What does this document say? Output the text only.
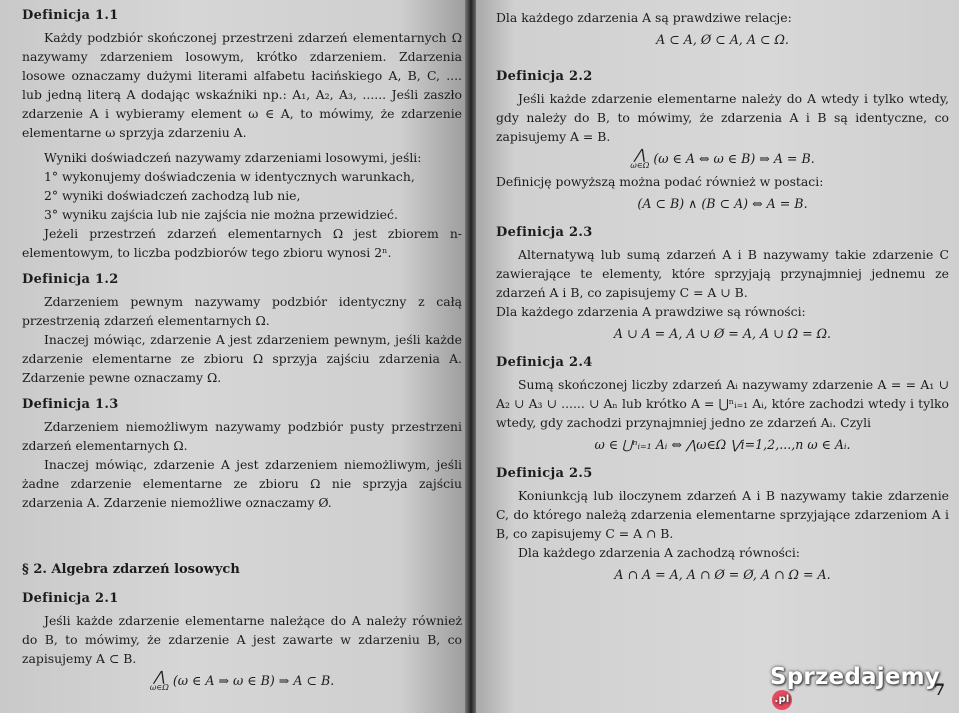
Definicja 1.1

Każdy podzbiór skończonej przestrzeni zdarzeń elementarnych Ω nazywamy zdarzeniem losowym, krótko zdarzeniem. Zdarzenia losowe oznaczamy dużymi literami alfabetu łacińskiego A, B, C, .... lub jedną literą A dodając wskaźniki np.: A₁, A₂, A₃, ...... Jeśli zaszło zdarzenie A i wybieramy element ω ∈ A, to mówimy, że zdarzenie elementarne ω sprzyja zdarzeniu A.

Wyniki doświadczeń nazywamy zdarzeniami losowymi, jeśli:

1° wykonujemy doświadczenia w identycznych warunkach,

2° wyniki doświadczeń zachodzą lub nie,

3° wyniku zajścia lub nie zajścia nie można przewidzieć.

Jeżeli przestrzeń zdarzeń elementarnych Ω jest zbiorem n-elementowym, to liczba podzbiorów tego zbioru wynosi 2ⁿ.

Definicja 1.2

Zdarzeniem pewnym nazywamy podzbiór identyczny z całą przestrzenią zdarzeń elementarnych Ω.

Inaczej mówiąc, zdarzenie A jest zdarzeniem pewnym, jeśli każde zdarzenie elementarne ze zbioru Ω sprzyja zajściu zdarzenia A. Zdarzenie pewne oznaczamy Ω.

Definicja 1.3

Zdarzeniem niemożliwym nazywamy podzbiór pusty przestrzeni zdarzeń elementarnych Ω.

Inaczej mówiąc, zdarzenie A jest zdarzeniem niemożliwym, jeśli żadne zdarzenie elementarne ze zbioru Ω nie sprzyja zajściu zdarzenia A. Zdarzenie niemożliwe oznaczamy Ø.

§ 2. Algebra zdarzeń losowych
Definicja 2.1

Jeśli każde zdarzenie elementarne należące do A należy również do B, to mówimy, że zdarzenie A jest zawarte w zdarzeniu B, co zapisujemy A ⊂ B.

⋀
ω∈Ω (ω ∈ A ⇒ ω ∈ B) ⇒ A ⊂ B.

Dla każdego zdarzenia A są prawdziwe relacje:

A ⊂ A, Ø ⊂ A, A ⊂ Ω.
Definicja 2.2

Jeśli każde zdarzenie elementarne należy do A wtedy i tylko wtedy, gdy należy do B, to mówimy, że zdarzenia A i B są identyczne, co zapisujemy A = B.

⋀
ω∈Ω (ω ∈ A ⇔ ω ∈ B) ⇒ A = B.

Definicję powyższą można podać również w postaci:

(A ⊂ B) ∧ (B ⊂ A) ⇔ A = B.
Definicja 2.3

Alternatywą lub sumą zdarzeń A i B nazywamy takie zdarzenie C zawierające te elementy, które sprzyjają przynajmniej jednemu ze zdarzeń A i B, co zapisujemy C = A ∪ B.

Dla każdego zdarzenia A prawdziwe są równości:

A ∪ A = A, A ∪ Ø = A, A ∪ Ω = Ω.
Definicja 2.4

Sumą skończonej liczby zdarzeń Aᵢ nazywamy zdarzenie A = = A₁ ∪ A₂ ∪ A₃ ∪ ...... ∪ Aₙ lub krótko A = ⋃ⁿᵢ₌₁ Aᵢ, które zachodzi wtedy i tylko wtedy, gdy zachodzi przynajmniej jedno ze zdarzeń Aᵢ. Czyli

ω ∈ ⋃ⁿᵢ₌₁ Aᵢ ⇔ ⋀ω∈Ω ⋁i=1,2,...,n ω ∈ Aᵢ.
Definicja 2.5

Koniunkcją lub iloczynem zdarzeń A i B nazywamy takie zdarzenie C, do którego należą zdarzenia elementarne sprzyjające zdarzeniom A i B, co zapisujemy C = A ∩ B.

Dla każdego zdarzenia A zachodzą równości:

A ∩ A = A, A ∩ Ø = Ø, A ∩ Ω = A.
7
Sprzedajemy.pl
